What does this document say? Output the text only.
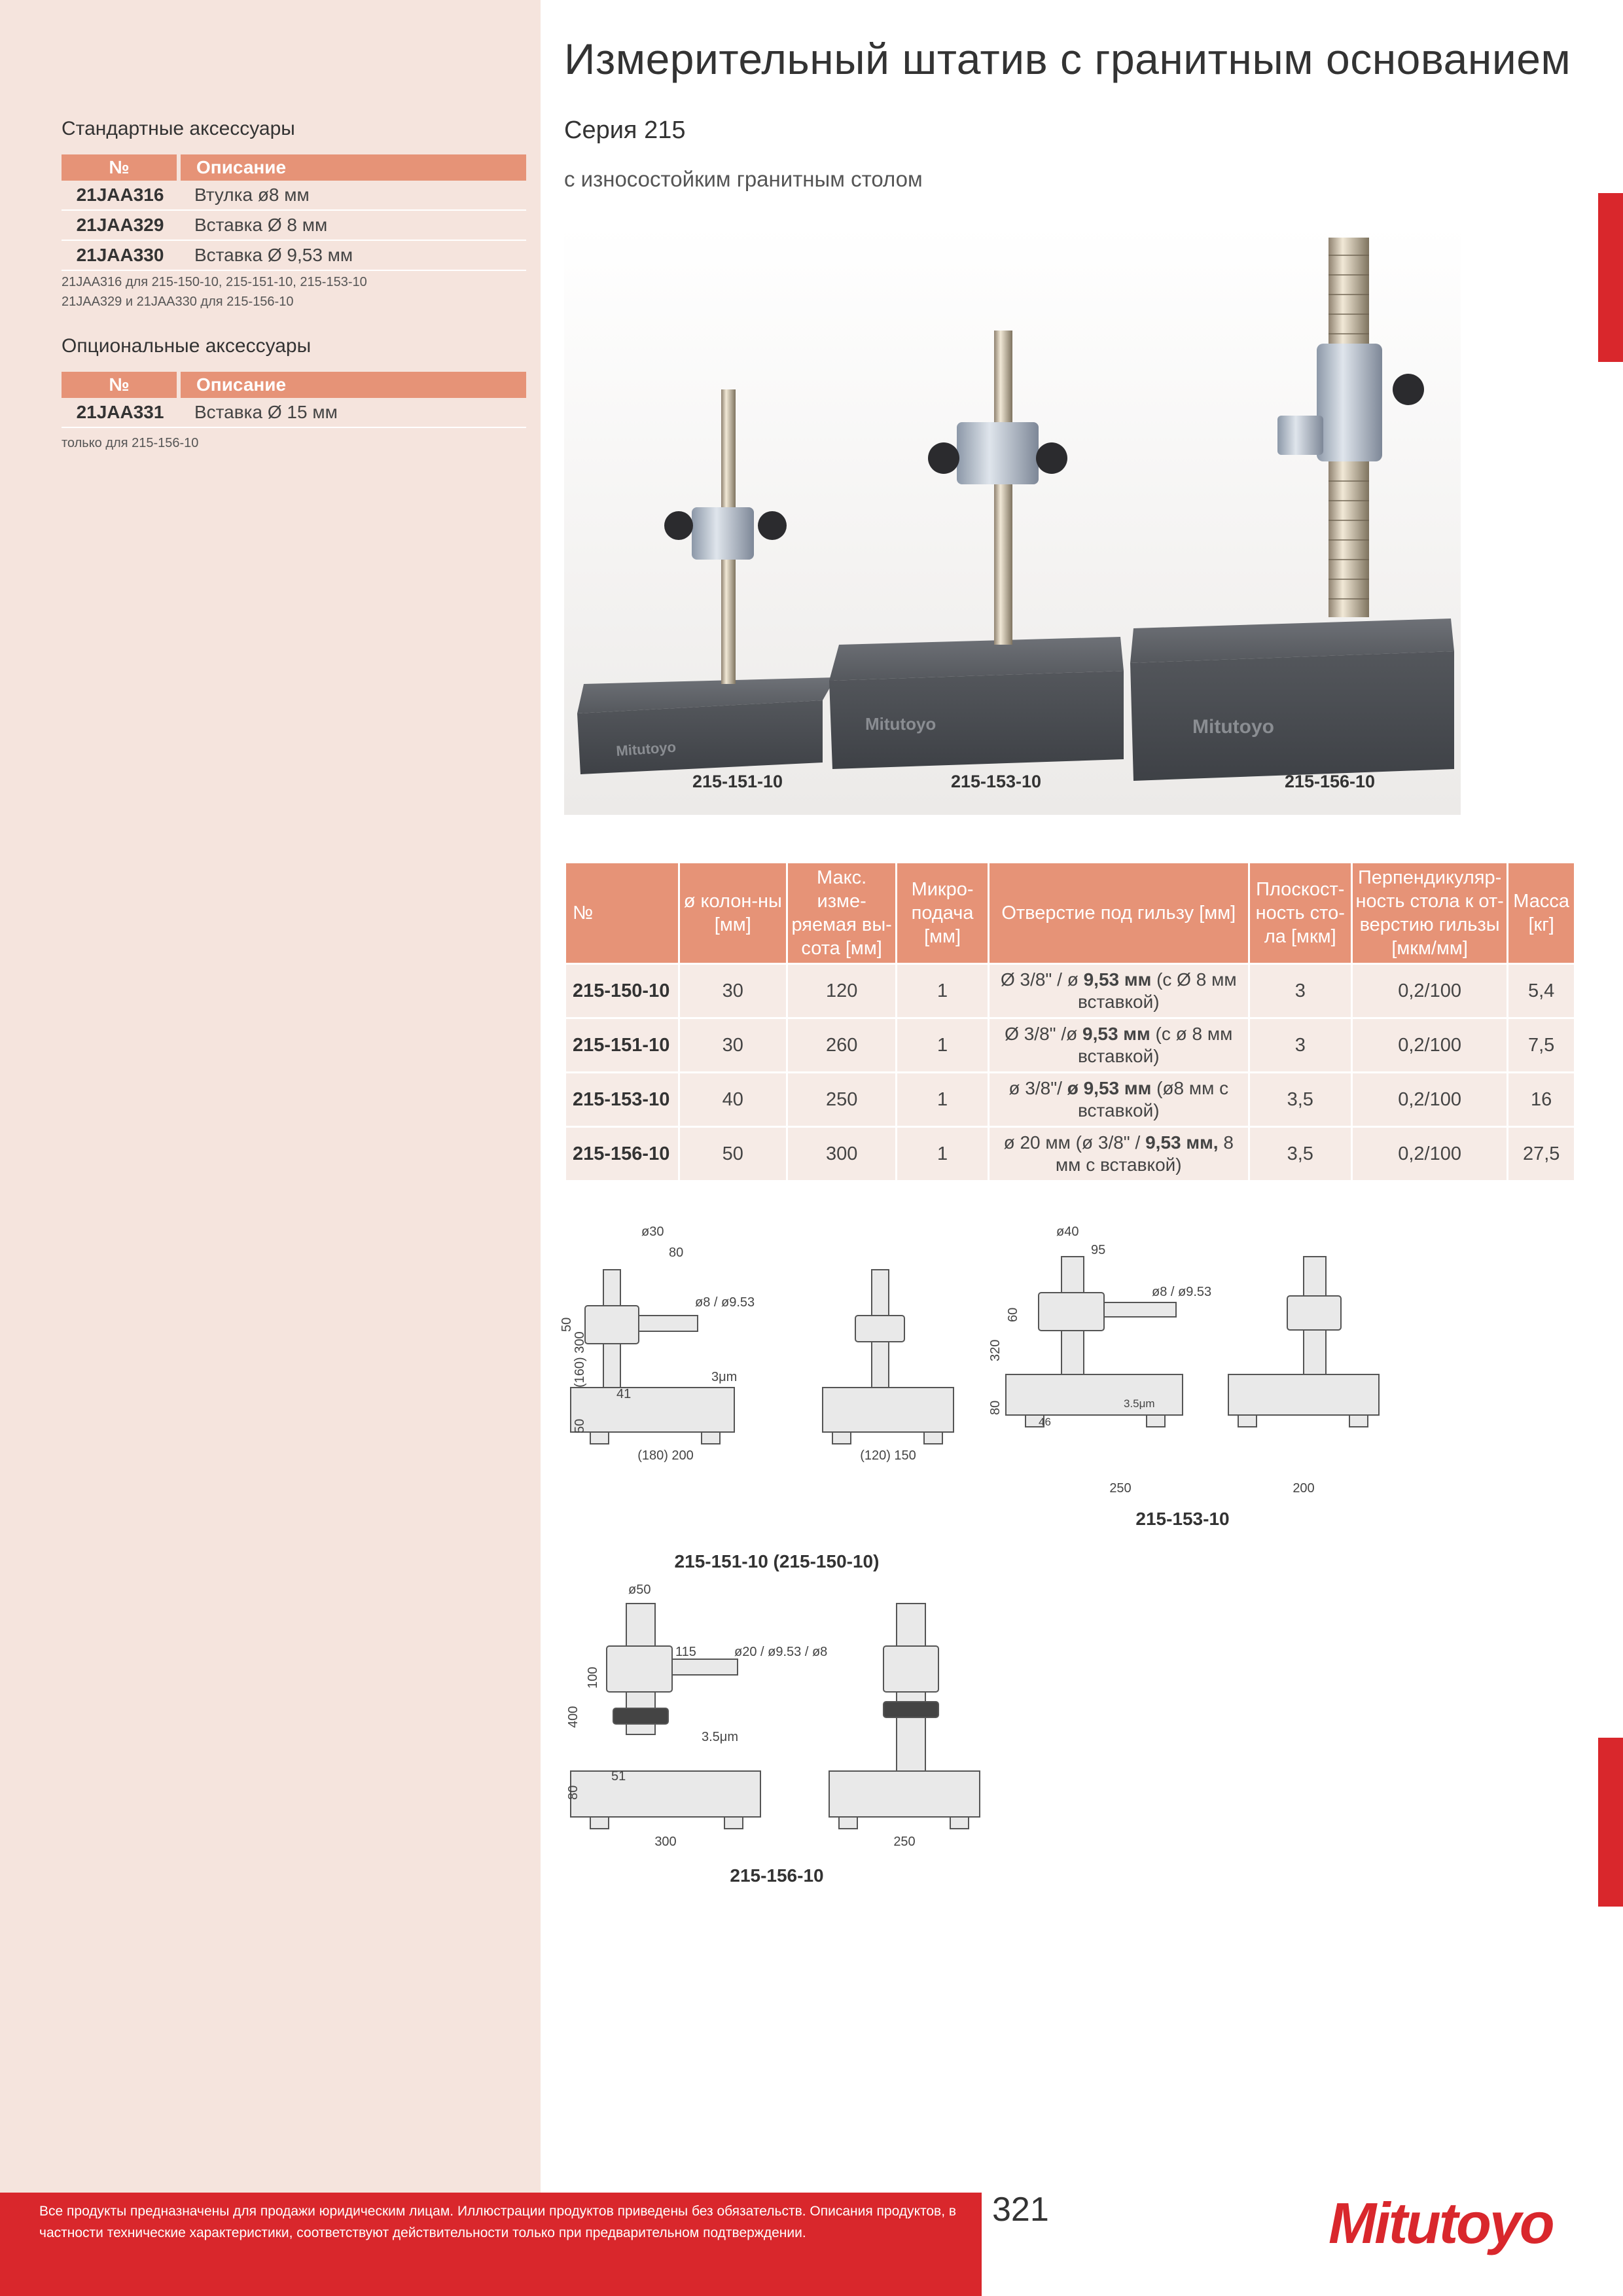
Стандартные аксессуары
№	Описание
21JAA316	Втулка ø8 мм
21JAA329	Вставка Ø 8 мм
21JAA330	Вставка Ø 9,53 мм
21JAA316 для 215-150-10, 215-151-10, 215-153-10
21JAA329 и 21JAA330 для 215-156-10
Опциональные аксессуары
№	Описание
21JAA331	Вставка Ø 15 мм
только для 215-156-10
Измерительный штатив с гранитным основанием
Серия 215
с износостойким гранитным столом
Mitutoyo
Mitutoyo	Mitutoyo
215-151-10	215-153-10	215-156-10
№	ø колон-ны [мм]	Макс. изме-ряемая вы-сота [мм]	Микро-подача [мм]	Отверстие под гильзу [мм]	Плоскост-ность сто-ла [мкм]	Перпендикуляр-ность стола к от-верстию гильзы [мкм/мм]	Масса [кг]
215-150-10	30	120	1	Ø 3/8" / ø 9,53 мм (с Ø 8 мм вставкой)	3	0,2/100	5,4
215-151-10	30	260	1	Ø 3/8" /ø 9,53 мм (с ø 8 мм вставкой)	3	0,2/100	7,5
215-153-10	40	250	1	ø 3/8"/ ø 9,53 мм (ø8 мм с вставкой)	3,5	0,2/100	16
215-156-10	50	300	1	ø 20 мм (ø 3/8" / 9,53 мм, 8 мм с вставкой)	3,5	0,2/100	27,5
ø30
80
ø8 / ø9.53
50
(160) 300	3μm
50
41
(180) 200	(120) 150
ø40
95
ø8 / ø9.53
60
320
3.5μm
80
46
250	200
ø50
115	ø20 / ø9.53 / ø8
100
400
3.5μm
80
51
300	250
215-151-10 (215-150-10)
215-153-10
215-156-10
Все продукты предназначены для продажи юридическим лицам. Иллюстрации продуктов приведены без обязательств. Описания продуктов, в частности технические характеристики, соответствуют действительности только при предварительном подтверждении.
321	Mitutoyo
